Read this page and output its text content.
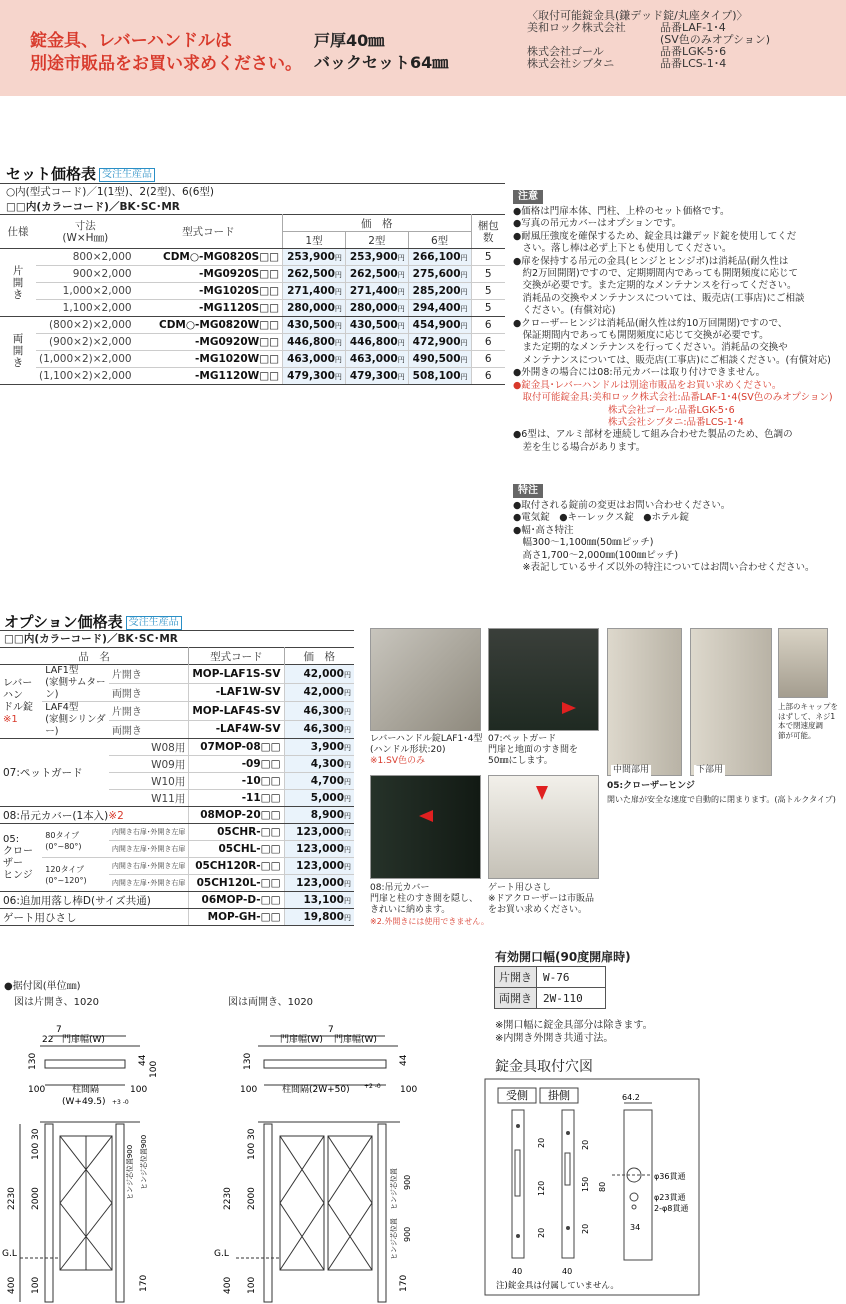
錠金具、レバーハンドルは
別途市販品をお買い求めください。
戸厚40㎜
バックセット64㎜
〈取付可能錠金具(鎌デッド錠/丸座タイプ)〉
美和ロック株式会社	品番LAF-1･4
(SV色のみオプション)
株式会社ゴール	品番LGK-5･6
株式会社シブタニ	品番LCS-1･4
セット価格表 受注生産品
○内(型式コード)／1(1型)、2(2型)、6(6型)
□□内(カラーコード)／BK･SC･MR
仕様	寸法
(W×H㎜)	型式コード	価　格			梱包
数
			1型	2型	6型	
片
開
き	800×2,000	CDM○-MG0820S□□	253,900円	253,900円	266,100円	5
	900×2,000	-MG0920S□□	262,500円	262,500円	275,600円	5
	1,000×2,000	-MG1020S□□	271,400円	271,400円	285,200円	5
	1,100×2,000	-MG1120S□□	280,000円	280,000円	294,400円	5
両
開
き	(800×2)×2,000	CDM○-MG0820W□□	430,500円	430,500円	454,900円	6
	(900×2)×2,000	-MG0920W□□	446,800円	446,800円	472,900円	6
	(1,000×2)×2,000	-MG1020W□□	463,000円	463,000円	490,500円	6
	(1,100×2)×2,000	-MG1120W□□	479,300円	479,300円	508,100円	6
注意
●価格は門扉本体、門柱、上枠のセット価格です。
●写真の吊元カバーはオプションです。
●耐風圧強度を確保するため、錠金具は鎌デッド錠を使用してくだ
　さい。落し棒は必ず上下とも使用してください。
●扉を保持する吊元の金具(ヒンジとヒンジボ)は消耗品(耐久性は
　約2万回開閉)ですので、定期期間内であっても開閉頻度に応じて
　交換が必要です。また定期的なメンテナンスを行ってください。
　消耗品の交換やメンテナンスについては、販売店(工事店)にご相談
　ください。(有償対応)
●クローザーヒンジは消耗品(耐久性は約10万回開閉)ですので、
　保証期間内であっても開閉頻度に応じて交換が必要です。
　また定期的なメンテナンスを行ってください。消耗品の交換や
　メンテナンスについては、販売店(工事店)にご相談ください。(有償対応)
●外開きの場合には08:吊元カバーは取り付けできません。
●錠金具･レバーハンドルは別途市販品をお買い求めください。
　取付可能錠金具:美和ロック株式会社:品番LAF-1･4(SV色のみオプション)
　　　　　　　　　　株式会社ゴール:品番LGK-5･6
　　　　　　　　　　株式会社シブタニ:品番LCS-1･4
●6型は、アルミ部材を連続して組み合わせた製品のため、色調の
　差を生じる場合があります。
特注
●取付される錠前の変更はお問い合わせください。
●電気錠　●キーレックス錠　●ホテル錠
●幅･高さ特注
　幅300～1,100㎜(50㎜ピッチ)
　高さ1,700～2,000㎜(100㎜ピッチ)
　※表記しているサイズ以外の特注についてはお問い合わせください。
オプション価格表 受注生産品
□□内(カラーコード)／BK･SC･MR
品　名			型式コード	価　格
レバーハン
ドル錠※1	LAF1型
(家側サムターン)	片開き	MOP-LAF1S-SV	42,000円
		両開き	-LAF1W-SV	42,000円
	LAF4型
(家側シリンダー)	片開き	MOP-LAF4S-SV	46,300円
		両開き	-LAF4W-SV	46,300円
07:ペットガード		W08用	07MOP-08□□	3,900円
		W09用	-09□□	4,300円
		W10用	-10□□	4,700円
		W11用	-11□□	5,000円
08:吊元カバー(1本入)※2			08MOP-20□□	8,900円
05:
クローザー
ヒンジ	80タイプ
(0°~80°)	内開き右扉･外開き左扉	05CHR-□□	123,000円
		内開き左扉･外開き右扉	05CHL-□□	123,000円
	120タイプ
(0°~120°)	内開き右扉･外開き左扉	05CH120R-□□	123,000円
		内開き左扉･外開き右扉	05CH120L-□□	123,000円
06:追加用落し棒D(サイズ共通)			06MOP-D-□□	13,100円
ゲート用ひさし			MOP-GH-□□	19,800円
レバーハンドル錠LAF1･4型
(ハンドル形状:20)
※1.SV色のみ
07:ペットガード
門扉と地面のすき間を
50㎜にします。
08:吊元カバー
門扉と柱のすき間を隠し、
きれいに納めます。
※2.外開きには使用できません。
ゲート用ひさし
※ドアクローザーは市販品
をお買い求めください。
05:クローザーヒンジ
開いた扉が安全な速度で自動的に閉まります。(高トルクタイプ)
中間部用	下部用
上部のキャップを
はずして、ネジ1
本で閉速度調
節が可能。
有効開口幅(90度開扉時)
片開き	W-76
両開き	2W-110
※開口幅に錠金具部分は除きます。
※内開き外開き共通寸法。
錠金具取付穴図
受側 掛側	64.2
φ36貫通
φ23貫通
2-φ8貫通
34
40	40
20
120
20
20
150
20
80
注)錠金具は付属していません。
●据付図(単位㎜)
図は片開き、1020	図は両開き、1020
7
22 門扉幅(W)
130	44
100
100	柱間隔
(W+49.5) +3 -0
100
30
100
2230 2000
G.L
400 100	170
ヒンジ芯位置900 ヒンジ芯位置900
7
門扉幅(W) 門扉幅(W)
130	44
100
100	柱間隔(2W+50) +2 -0
30
100
2230 2000
G.L
400 100	170
900
900
ヒンジ芯位置
ヒンジ芯位置
